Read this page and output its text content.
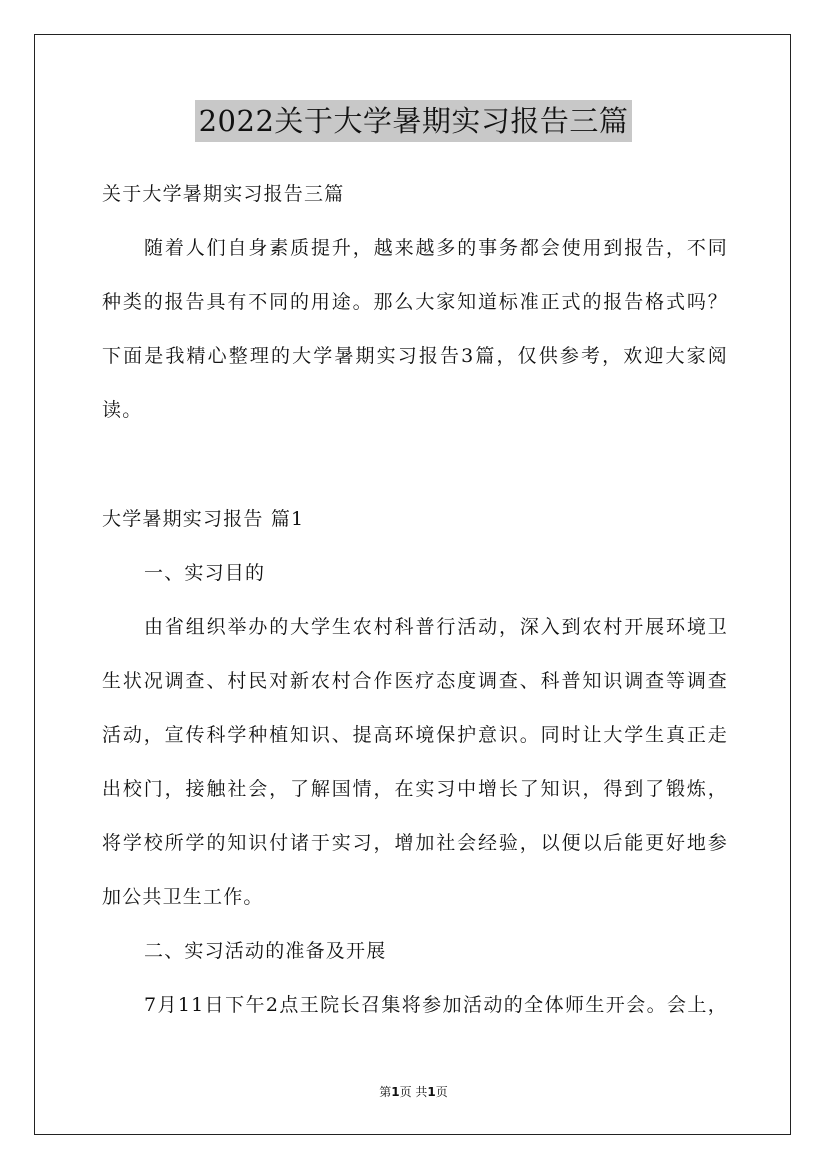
2022关于大学暑期实习报告三篇
关于大学暑期实习报告三篇
随着人们自身素质提升，越来越多的事务都会使用到报告，不同
种类的报告具有不同的用途。那么大家知道标准正式的报告格式吗？
下面是我精心整理的大学暑期实习报告3篇，仅供参考，欢迎大家阅
读。
大学暑期实习报告 篇1
一、实习目的
由省组织举办的大学生农村科普行活动，深入到农村开展环境卫
生状况调查、村民对新农村合作医疗态度调查、科普知识调查等调查
活动，宣传科学种植知识、提高环境保护意识。同时让大学生真正走
出校门，接触社会，了解国情，在实习中增长了知识，得到了锻炼，
将学校所学的知识付诸于实习，增加社会经验，以便以后能更好地参
加公共卫生工作。
二、实习活动的准备及开展
7月11日下午2点王院长召集将参加活动的全体师生开会。会上，
第1页 共1页
